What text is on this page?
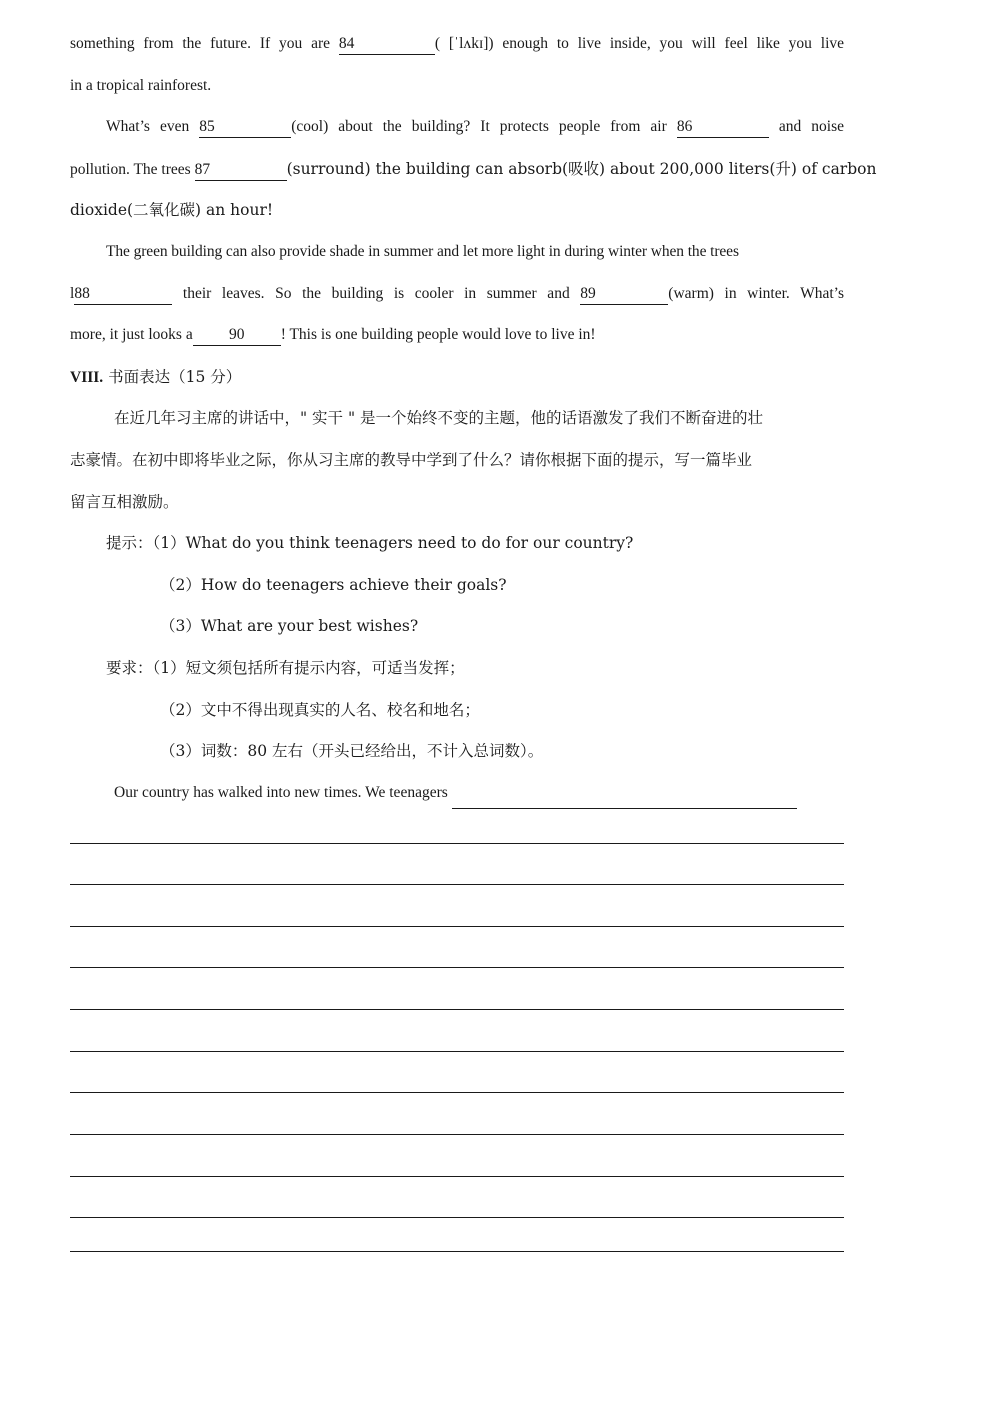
something from the future. If you are 84	( [ˈlʌkɪ]) enough to live inside, you will feel like you live
in a tropical rainforest.
What’s even 85	(cool) about the building? It protects people from air 86	and noise
pollution. The trees 87	(surround) the building can absorb(吸收) about 200,000 liters(升) of carbon
dioxide(二氧化碳) an hour!
The green building can also provide shade in summer and let more light in during winter when the trees
l88	their leaves. So the building is cooler in summer and 89	(warm) in winter. What’s
more, it just looks a 90 ! This is one building people would love to live in!
VIII. 书面表达（15 分）
在近几年习主席的讲话中，" 实干 " 是一个始终不变的主题，他的话语激发了我们不断奋进的壮
志豪情。在初中即将毕业之际，你从习主席的教导中学到了什么？请你根据下面的提示，写一篇毕业
留言互相激励。
提示：（1）What do you think teenagers need to do for our country?
（2）How do teenagers achieve their goals?
（3）What are your best wishes?
要求：（1）短文须包括所有提示内容，可适当发挥；
（2）文中不得出现真实的人名、校名和地名；
（3）词数：80 左右（开头已经给出，不计入总词数）。
Our country has walked into new times. We teenagers
